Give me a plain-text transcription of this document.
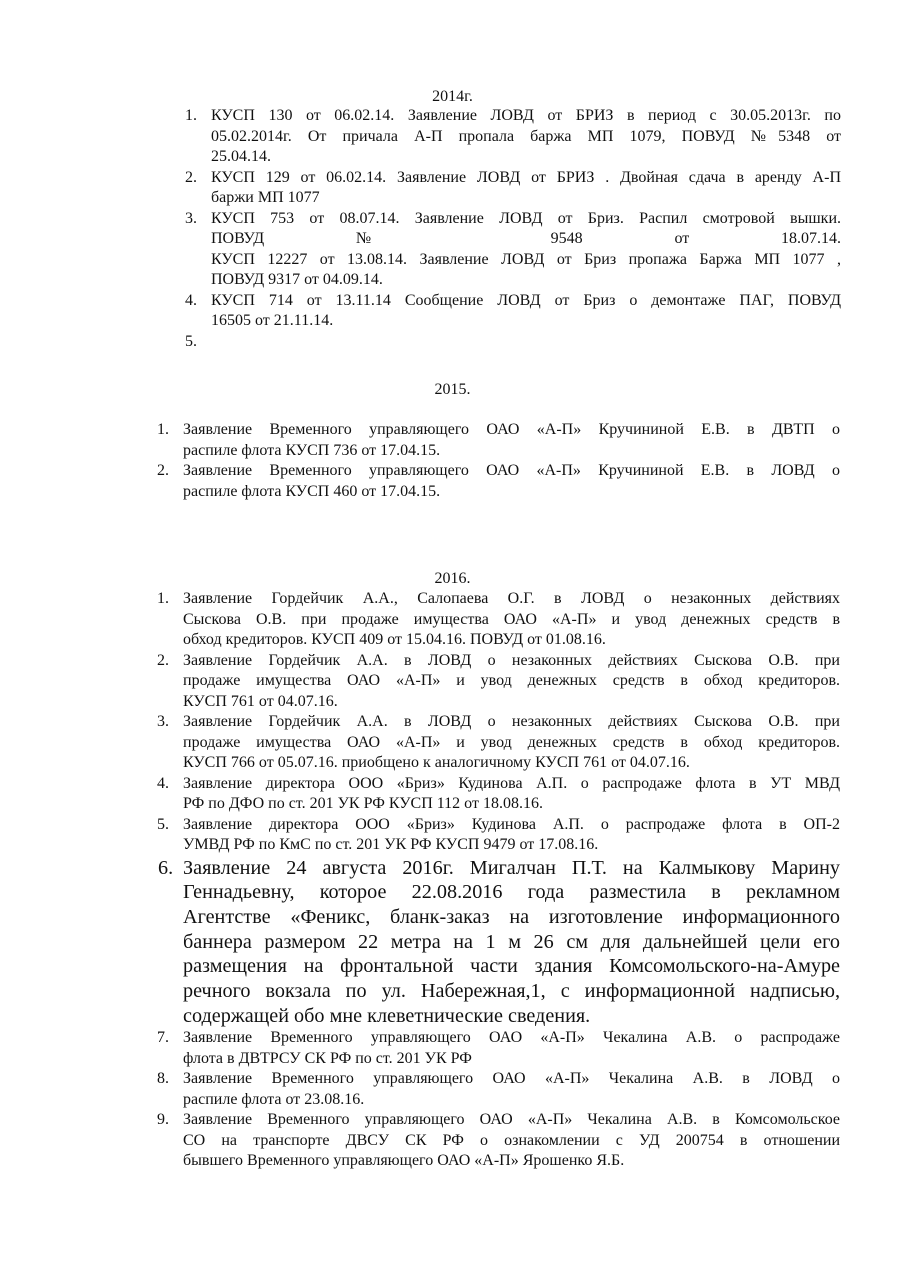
2014г.
1. КУСП 130 от 06.02.14. Заявление ЛОВД от БРИЗ в период с 30.05.2013г. по
05.02.2014г. От причала А-П пропала баржа МП 1079, ПОВУД №5348 от
25.04.14.
2. КУСП 129 от 06.02.14. Заявление ЛОВД от БРИЗ . Двойная сдача в аренду А-П
баржи МП 1077
3. КУСП 753 от 08.07.14. Заявление ЛОВД от Бриз. Распил смотровой вышки.
ПОВУД № 9548 от 18.07.14.
КУСП 12227 от 13.08.14. Заявление ЛОВД от Бриз пропажа Баржа МП 1077 ,
ПОВУД 9317 от 04.09.14.
4. КУСП 714 от 13.11.14 Сообщение ЛОВД от Бриз о демонтаже ПАГ, ПОВУД
16505 от 21.11.14.
5.
2015.
1. Заявление Временного управляющего ОАО «А-П» Кручининой Е.В. в ДВТП о
распиле флота КУСП 736 от 17.04.15.
2. Заявление Временного управляющего ОАО «А-П» Кручининой Е.В. в ЛОВД о
распиле флота КУСП 460 от 17.04.15.
2016.
1. Заявление Гордейчик А.А., Салопаева О.Г. в ЛОВД о незаконных действиях
Сыскова О.В. при продаже имущества ОАО «А-П» и увод денежных средств в
обход кредиторов. КУСП 409 от 15.04.16. ПОВУД от 01.08.16.
2. Заявление Гордейчик А.А. в ЛОВД о незаконных действиях Сыскова О.В. при
продаже имущества ОАО «А-П» и увод денежных средств в обход кредиторов.
КУСП 761 от 04.07.16.
3. Заявление Гордейчик А.А. в ЛОВД о незаконных действиях Сыскова О.В. при
продаже имущества ОАО «А-П» и увод денежных средств в обход кредиторов.
КУСП 766 от 05.07.16. приобщено к аналогичному КУСП 761 от 04.07.16.
4. Заявление директора ООО «Бриз» Кудинова А.П. о распродаже флота в УТ МВД
РФ по ДФО по ст. 201 УК РФ КУСП 112 от 18.08.16.
5. Заявление директора ООО «Бриз» Кудинова А.П. о распродаже флота в ОП-2
УМВД РФ по КмС по ст. 201 УК РФ КУСП 9479 от 17.08.16.
6. Заявление 24 августа 2016г. Мигалчан П.Т. на Калмыкову Марину
Геннадьевну, которое 22.08.2016 года разместила в рекламном
Агентстве «Феникс, бланк-заказ на изготовление информационного
баннера размером 22 метра на 1 м 26 см для дальнейшей цели его
размещения на фронтальной части здания Комсомольского-на-Амуре
речного вокзала по ул. Набережная,1, с информационной надписью,
содержащей обо мне клеветнические сведения.
7. Заявление Временного управляющего ОАО «А-П» Чекалина А.В. о распродаже
флота в ДВТРСУ СК РФ по ст. 201 УК РФ
8. Заявление Временного управляющего ОАО «А-П» Чекалина А.В. в ЛОВД о
распиле флота от 23.08.16.
9. Заявление Временного управляющего ОАО «А-П» Чекалина А.В. в Комсомольское
СО на транспорте ДВСУ СК РФ о ознакомлении с УД 200754 в отношении
бывшего Временного управляющего ОАО «А-П» Ярошенко Я.Б.
